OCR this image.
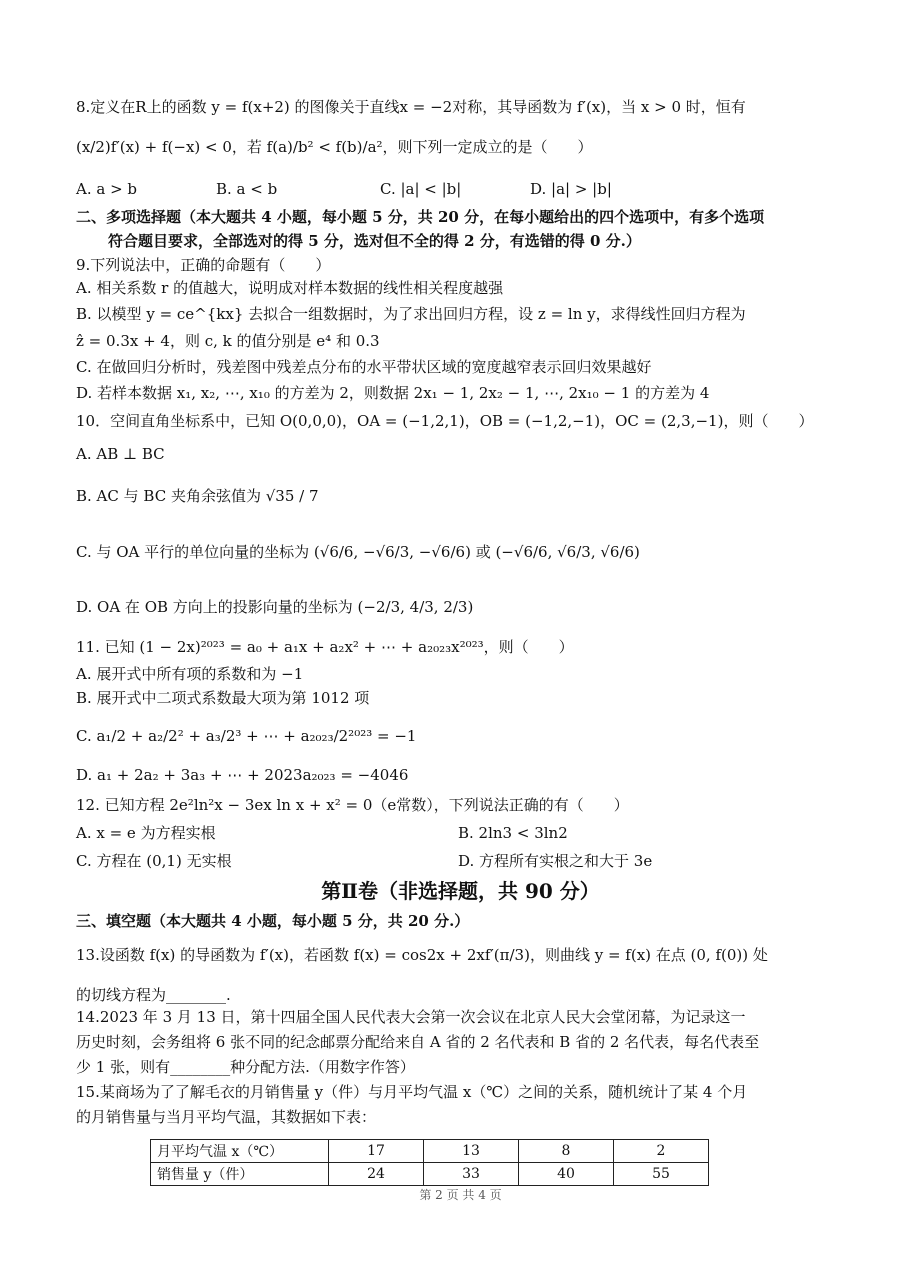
8.定义在R上的函数 y = f(x+2) 的图像关于直线x = −2对称，其导函数为 f′(x)，当 x > 0 时，恒有
(x/2)f′(x) + f(−x) < 0，若 f(a)/b² < f(b)/a²，则下列一定成立的是（　　）
A. a > b	B. a < b	C. |a| < |b|	D. |a| > |b|
二、多项选择题（本大题共 4 小题，每小题 5 分，共 20 分，在每小题给出的四个选项中，有多个选项
符合题目要求，全部选对的得 5 分，选对但不全的得 2 分，有选错的得 0 分.）
9.下列说法中，正确的命题有（　　）
A. 相关系数 r 的值越大，说明成对样本数据的线性相关程度越强
B. 以模型 y = ce^{kx} 去拟合一组数据时，为了求出回归方程，设 z = ln y，求得线性回归方程为
ẑ = 0.3x + 4，则 c, k 的值分别是 e⁴ 和 0.3
C. 在做回归分析时，残差图中残差点分布的水平带状区域的宽度越窄表示回归效果越好
D. 若样本数据 x₁, x₂, ⋯, x₁₀ 的方差为 2，则数据 2x₁ − 1, 2x₂ − 1, ⋯, 2x₁₀ − 1 的方差为 4
10．空间直角坐标系中，已知 O(0,0,0)，OA = (−1,2,1)，OB = (−1,2,−1)，OC = (2,3,−1)，则（　　）
A. AB ⊥ BC
B. AC 与 BC 夹角余弦值为 √35 / 7
C. 与 OA 平行的单位向量的坐标为 (√6/6, −√6/3, −√6/6) 或 (−√6/6, √6/3, √6/6)
D. OA 在 OB 方向上的投影向量的坐标为 (−2/3, 4/3, 2/3)
11. 已知 (1 − 2x)²⁰²³ = a₀ + a₁x + a₂x² + ⋯ + a₂₀₂₃x²⁰²³，则（　　）
A. 展开式中所有项的系数和为 −1
B. 展开式中二项式系数最大项为第 1012 项
C. a₁/2 + a₂/2² + a₃/2³ + ⋯ + a₂₀₂₃/2²⁰²³ = −1
D. a₁ + 2a₂ + 3a₃ + ⋯ + 2023a₂₀₂₃ = −4046
12. 已知方程 2e²ln²x − 3ex ln x + x² = 0（e常数），下列说法正确的有（　　）
A. x = e 为方程实根	B. 2ln3 < 3ln2
C. 方程在 (0,1) 无实根	D. 方程所有实根之和大于 3e
第Ⅱ卷（非选择题，共 90 分）
三、填空题（本大题共 4 小题，每小题 5 分，共 20 分.）
13.设函数 f(x) 的导函数为 f′(x)，若函数 f(x) = cos2x + 2xf′(π/3)，则曲线 y = f(x) 在点 (0, f(0)) 处
的切线方程为________.
14.2023 年 3 月 13 日，第十四届全国人民代表大会第一次会议在北京人民大会堂闭幕，为记录这一
历史时刻，会务组将 6 张不同的纪念邮票分配给来自 A 省的 2 名代表和 B 省的 2 名代表，每名代表至
少 1 张，则有________种分配方法.（用数字作答）
15.某商场为了了解毛衣的月销售量 y（件）与月平均气温 x（℃）之间的关系，随机统计了某 4 个月
的月销售量与当月平均气温，其数据如下表：
月平均气温 x（℃）	17	13	8	2
销售量 y（件）	24	33	40	55
第 2 页 共 4 页
